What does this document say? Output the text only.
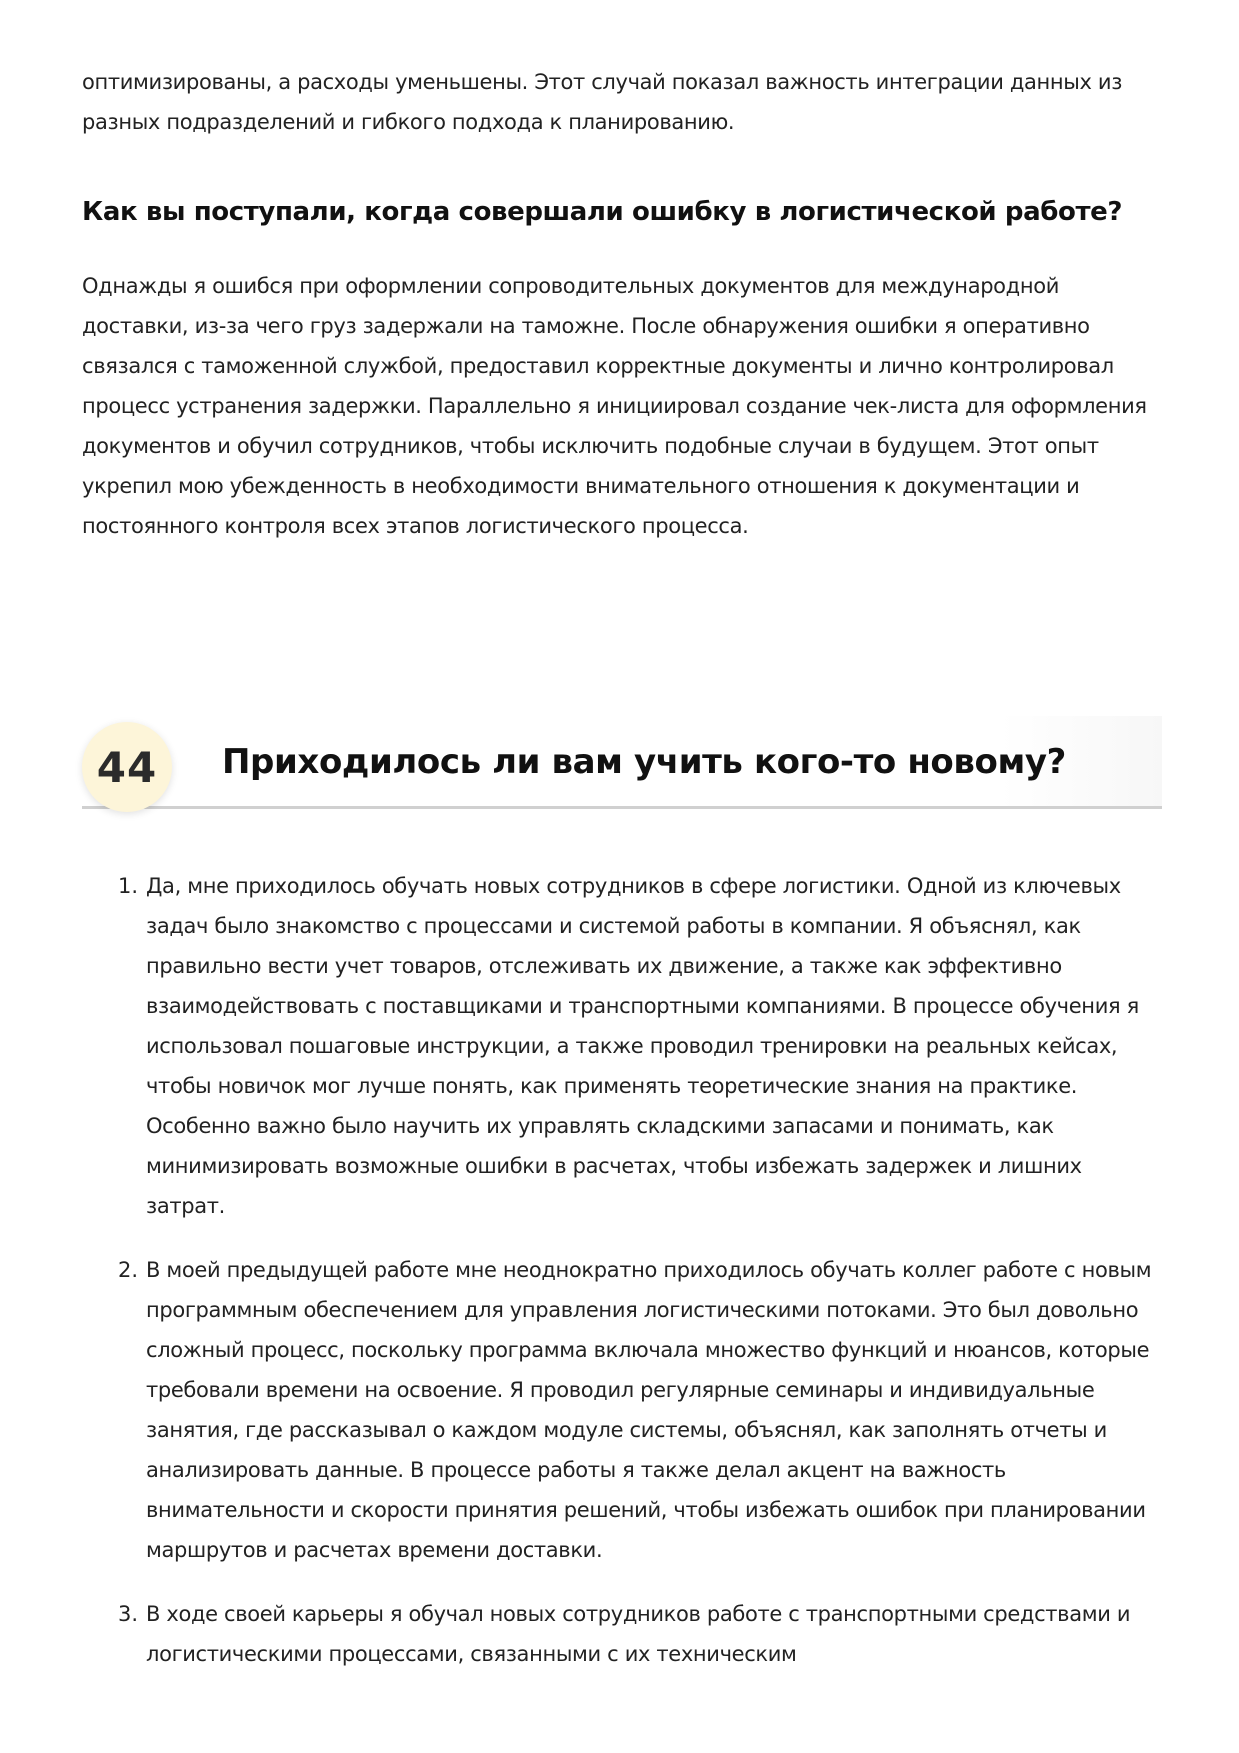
оптимизированы, а расходы уменьшены. Этот случай показал важность интеграции данных из разных подразделений и гибкого подхода к планированию.

Как вы поступали, когда совершали ошибку в логистической работе?

Однажды я ошибся при оформлении сопроводительных документов для международной доставки, из-за чего груз задержали на таможне. После обнаружения ошибки я оперативно связался с таможенной службой, предоставил корректные документы и лично контролировал процесс устранения задержки. Параллельно я инициировал создание чек-листа для оформления документов и обучил сотрудников, чтобы исключить подобные случаи в будущем. Этот опыт укрепил мою убежденность в необходимости внимательного отношения к документации и постоянного контроля всех этапов логистического процесса.

44	Приходилось ли вам учить кого-то новому?
1. Да, мне приходилось обучать новых сотрудников в сфере логистики. Одной из ключевых задач было знакомство с процессами и системой работы в компании. Я объяснял, как правильно вести учет товаров, отслеживать их движение, а также как эффективно взаимодействовать с поставщиками и транспортными компаниями. В процессе обучения я использовал пошаговые инструкции, а также проводил тренировки на реальных кейсах, чтобы новичок мог лучше понять, как применять теоретические знания на практике. Особенно важно было научить их управлять складскими запасами и понимать, как минимизировать возможные ошибки в расчетах, чтобы избежать задержек и лишних затрат.

2. В моей предыдущей работе мне неоднократно приходилось обучать коллег работе с новым программным обеспечением для управления логистическими потоками. Это был довольно сложный процесс, поскольку программа включала множество функций и нюансов, которые требовали времени на освоение. Я проводил регулярные семинары и индивидуальные занятия, где рассказывал о каждом модуле системы, объяснял, как заполнять отчеты и анализировать данные. В процессе работы я также делал акцент на важность внимательности и скорости принятия решений, чтобы избежать ошибок при планировании маршрутов и расчетах времени доставки.

3. В ходе своей карьеры я обучал новых сотрудников работе с транспортными средствами и логистическими процессами, связанными с их техническим
